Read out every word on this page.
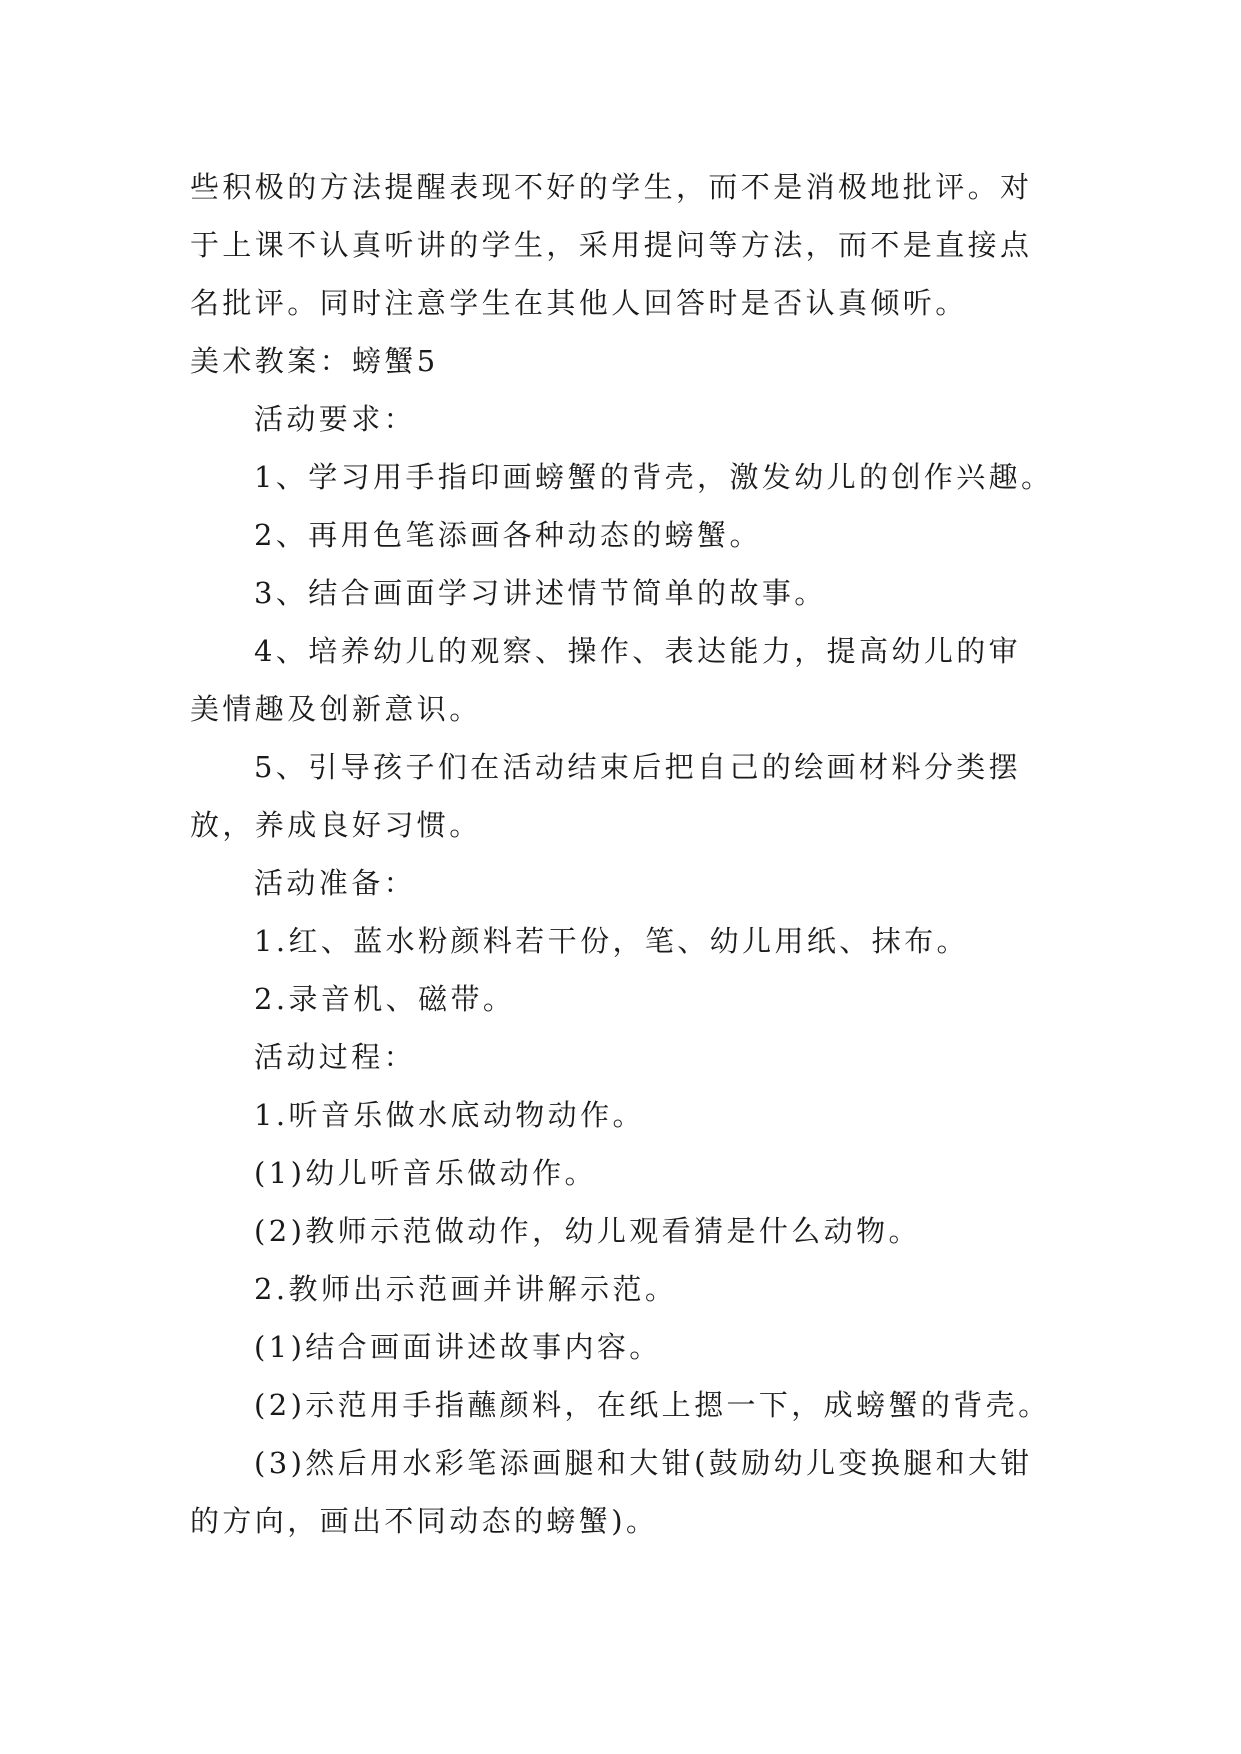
些积极的方法提醒表现不好的学生，而不是消极地批评。对
于上课不认真听讲的学生，采用提问等方法，而不是直接点
名批评。同时注意学生在其他人回答时是否认真倾听。
美术教案：螃蟹5
活动要求：
1、学习用手指印画螃蟹的背壳，激发幼儿的创作兴趣。
2、再用色笔添画各种动态的螃蟹。
3、结合画面学习讲述情节简单的故事。
4、培养幼儿的观察、操作、表达能力，提高幼儿的审
美情趣及创新意识。
5、引导孩子们在活动结束后把自己的绘画材料分类摆
放，养成良好习惯。
活动准备：
1.红、蓝水粉颜料若干份，笔、幼儿用纸、抹布。
2.录音机、磁带。
活动过程：
1.听音乐做水底动物动作。
(1)幼儿听音乐做动作。
(2)教师示范做动作，幼儿观看猜是什么动物。
2.教师出示范画并讲解示范。
(1)结合画面讲述故事内容。
(2)示范用手指蘸颜料，在纸上摁一下，成螃蟹的背壳。
(3)然后用水彩笔添画腿和大钳(鼓励幼儿变换腿和大钳
的方向，画出不同动态的螃蟹)。
